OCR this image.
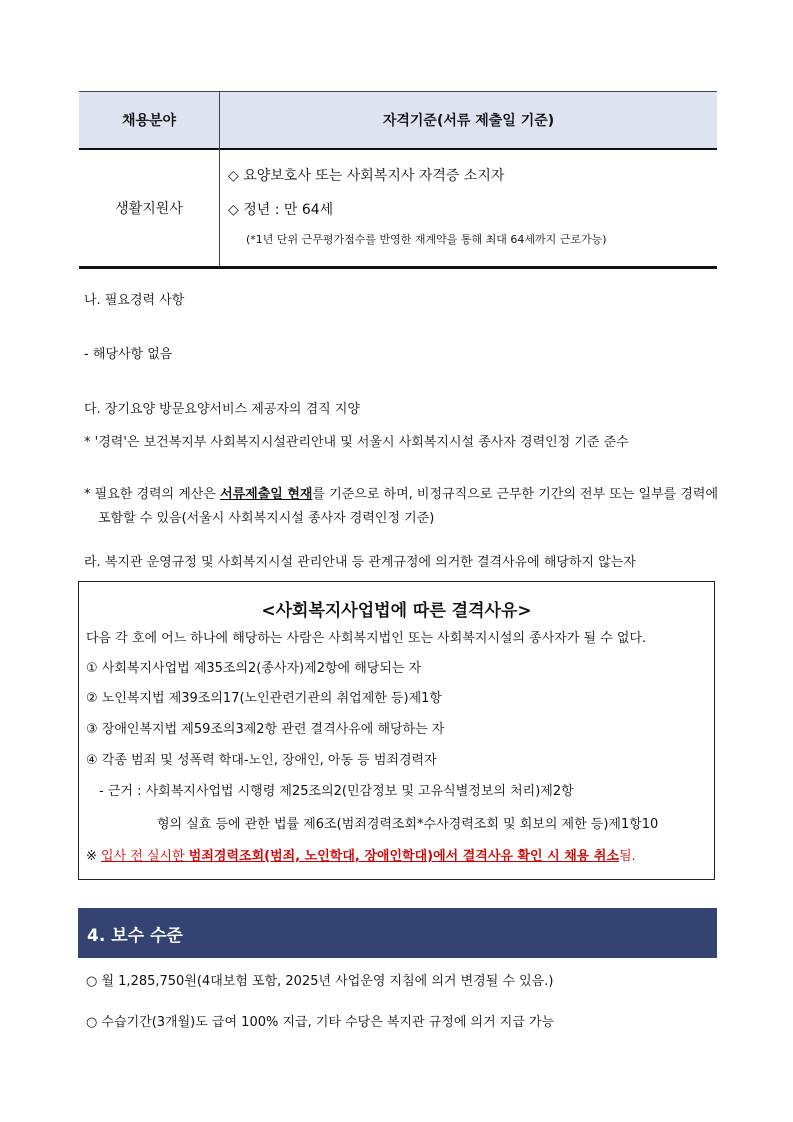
채용분야	자격기준(서류 제출일 기준)
생활지원사
◇ 요양보호사 또는 사회복지사 자격증 소지자
◇ 정년 : 만 64세
(*1년 단위 근무평가점수를 반영한 재계약을 통해 최대 64세까지 근로가능)
나. 필요경력 사항
- 해당사항 없음
다. 장기요양 방문요양서비스 제공자의 겸직 지양
* '경력'은 보건복지부 사회복지시설관리안내 및 서울시 사회복지시설 종사자 경력인정 기준 준수
* 필요한 경력의 계산은 서류제출일 현재를 기준으로 하며, 비정규직으로 근무한 기간의 전부 또는 일부를 경력에
포함할 수 있음(서울시 사회복지시설 종사자 경력인정 기준)
라. 복지관 운영규정 및 사회복지시설 관리안내 등 관계규정에 의거한 결격사유에 해당하지 않는자
<사회복지사업법에 따른 결격사유>
다음 각 호에 어느 하나에 해당하는 사람은 사회복지법인 또는 사회복지시설의 종사자가 될 수 없다.
① 사회복지사업법 제35조의2(종사자)제2항에 해당되는 자
② 노인복지법 제39조의17(노인관련기관의 취업제한 등)제1항
③ 장애인복지법 제59조의3제2항 관련 결격사유에 해당하는 자
④ 각종 범죄 및 성폭력 학대-노인, 장애인, 아동 등 범죄경력자
- 근거 : 사회복지사업법 시행령 제25조의2(민감정보 및 고유식별정보의 처리)제2항
형의 실효 등에 관한 법률 제6조(범죄경력조회*수사경력조회 및 회보의 제한 등)제1항10
※ 입사 전 실시한 범죄경력조회(범죄, 노인학대, 장애인학대)에서 결격사유 확인 시 채용 취소됨.
4. 보수 수준
○ 월 1,285,750원(4대보험 포함, 2025년 사업운영 지침에 의거 변경될 수 있음.)
○ 수습기간(3개월)도 급여 100% 지급, 기타 수당은 복지관 규정에 의거 지급 가능
